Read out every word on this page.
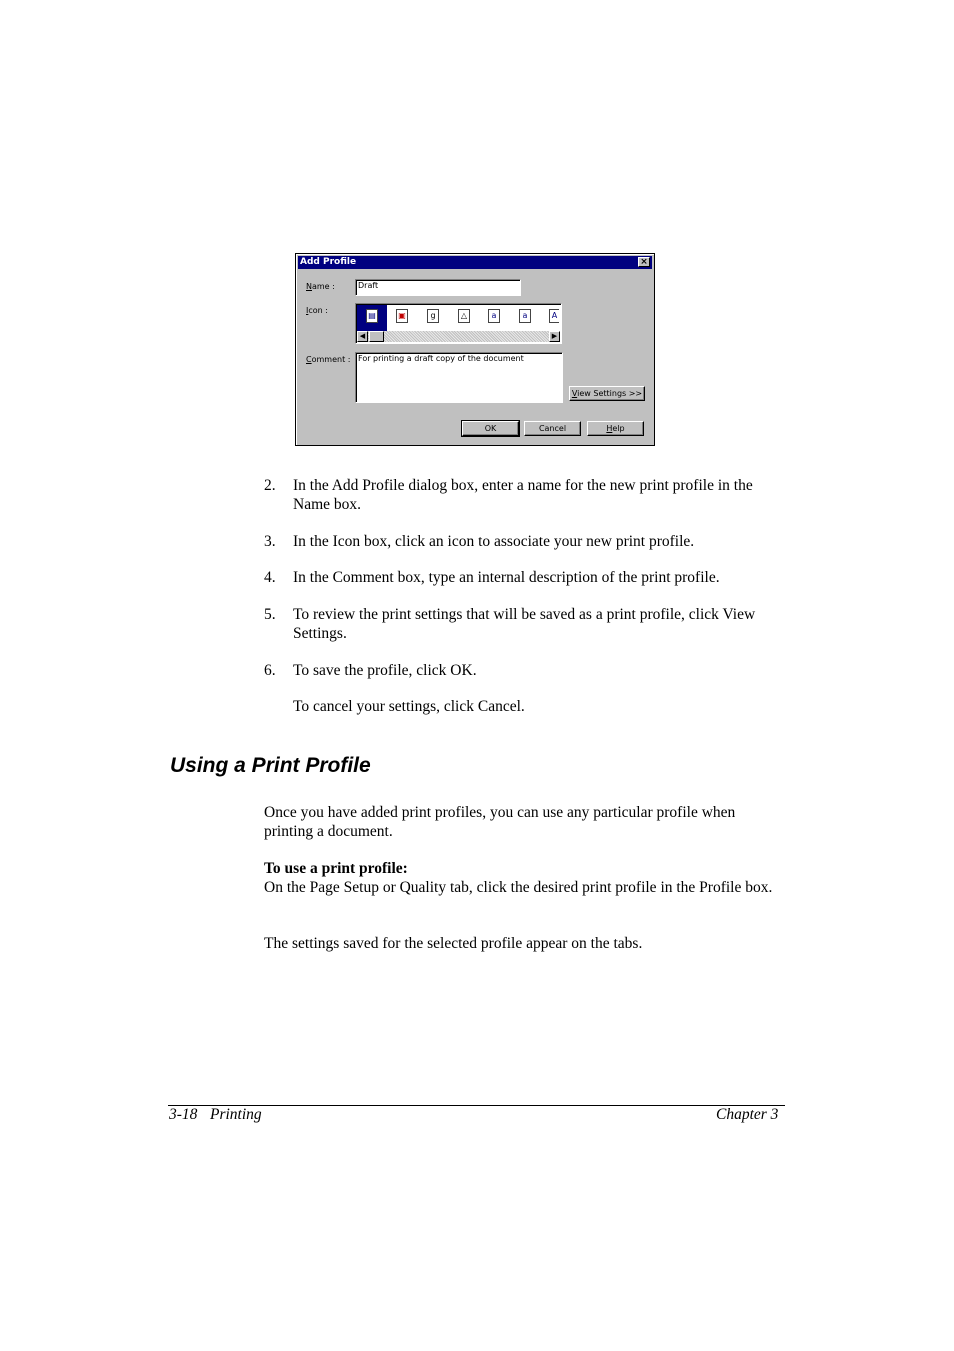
Add Profile	×
Name :	Draft
Icon :
▤	▣	g	△	a	a	A
◀	▶
Comment : For printing a draft copy of the document
View Settings >>
OK	Cancel	Help
2. In the Add Profile dialog box, enter a name for the new print profile in the Name box.
3. In the Icon box, click an icon to associate your new print profile.
4. In the Comment box, type an internal description of the print profile.
5. To review the print settings that will be saved as a print profile, click View Settings.
6. To save the profile, click OK.
To cancel your settings, click Cancel.
Using a Print Profile
Once you have added print profiles, you can use any particular profile when printing a document.
To use a print profile:
On the Page Setup or Quality tab, click the desired print profile in the Profile box.
The settings saved for the selected profile appear on the tabs.
3-18 Printing	Chapter 3
